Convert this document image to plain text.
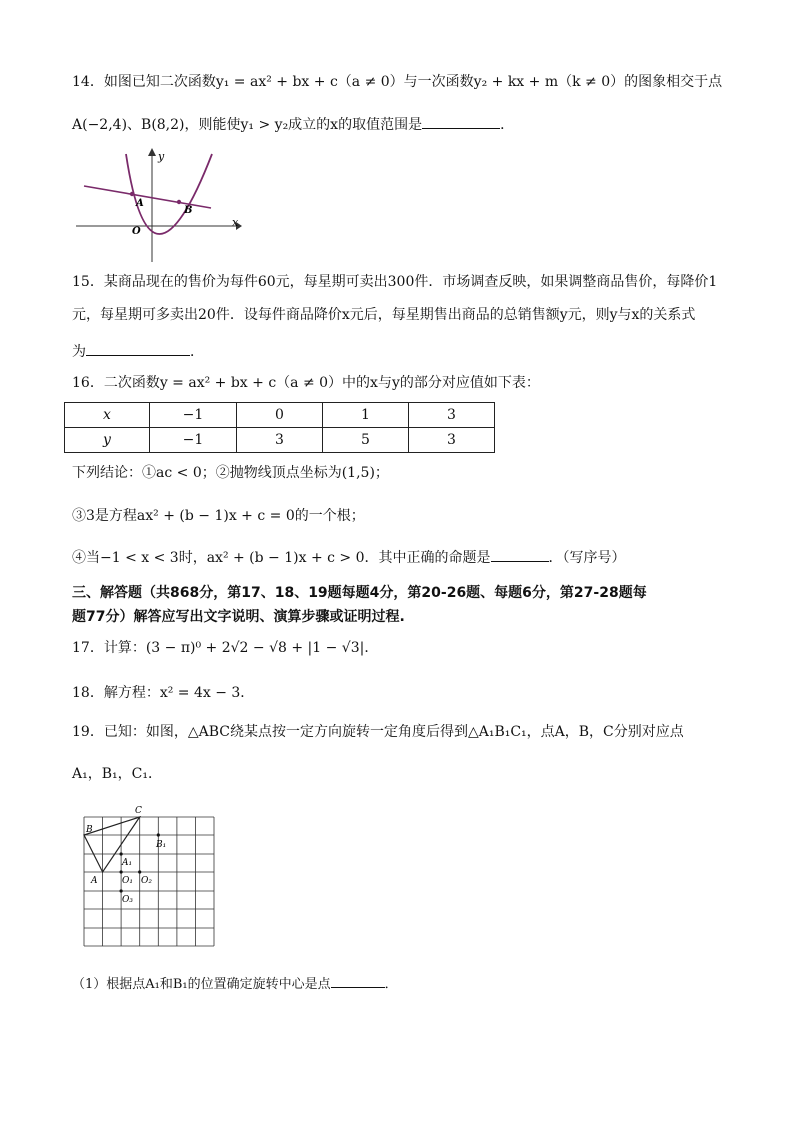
14．如图已知二次函数y₁ = ax² + bx + c（a ≠ 0）与一次函数y₂ + kx + m（k ≠ 0）的图象相交于点
A(−2,4)、B(8,2)，则能使y₁ > y₂成立的x的取值范围是	．
y
x
A
B
O
15．某商品现在的售价为每件60元，每星期可卖出300件．市场调查反映，如果调整商品售价，每降价1
元，每星期可多卖出20件．设每件商品降价x元后，每星期售出商品的总销售额y元，则y与x的关系式
为	．
16．二次函数y = ax² + bx + c（a ≠ 0）中的x与y的部分对应值如下表：
x	−1	0	1	3
y	−1	3	5	3
下列结论：①ac < 0；②抛物线顶点坐标为(1,5)；
③3是方程ax² + (b − 1)x + c = 0的一个根；
④当−1 < x < 3时，ax² + (b − 1)x + c > 0．其中正确的命题是	．（写序号）
三、解答题（共868分，第17、18、19题每题4分，第20-26题、每题6分，第27-28题每
题77分）解答应写出文字说明、演算步骤或证明过程.
17．计算：(3 − π)⁰ + 2√2 − √8 + |1 − √3|．
18．解方程：x² = 4x − 3．
19．已知：如图，△ABC绕某点按一定方向旋转一定角度后得到△A₁B₁C₁，点A，B，C分别对应点
A₁，B₁，C₁．
C
B
A
B₁
A₁
O₁ O₂
O₃
（1）根据点A₁和B₁的位置确定旋转中心是点	．
